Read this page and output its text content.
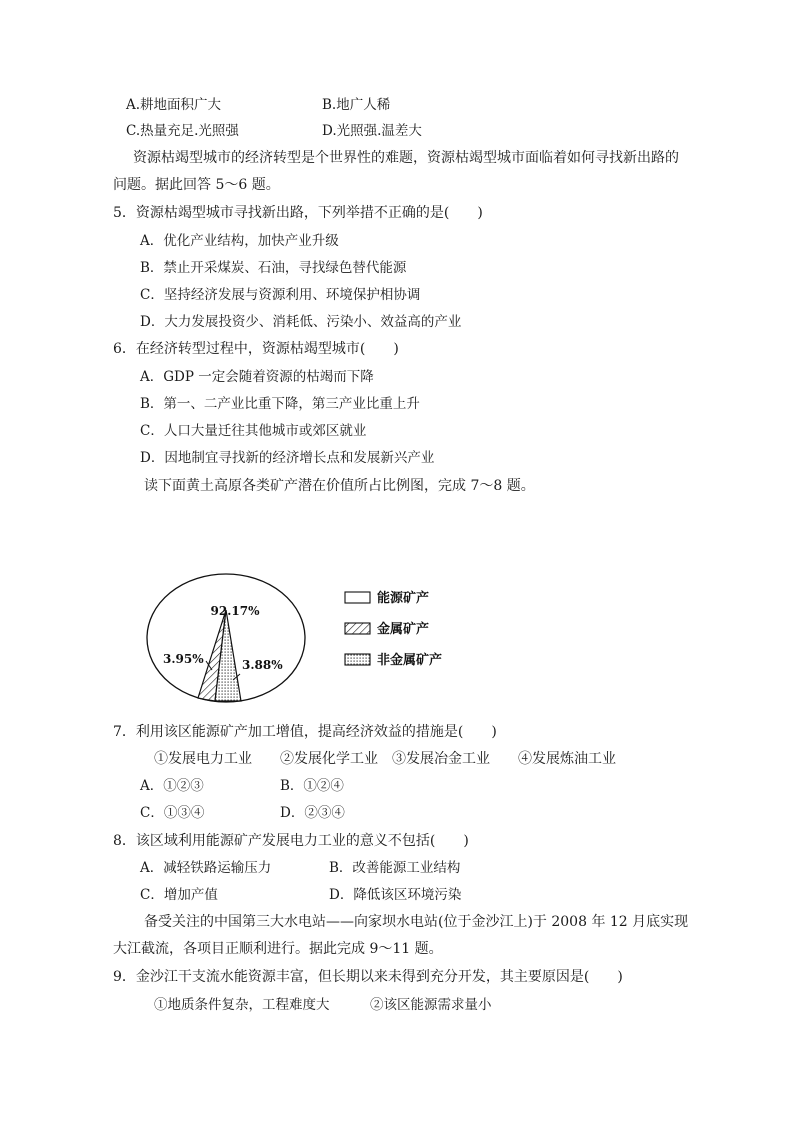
A.耕地面积广大	B.地广人稀
C.热量充足.光照强	D.光照强.温差大
资源枯竭型城市的经济转型是个世界性的难题，资源枯竭型城市面临着如何寻找新出路的
问题。据此回答 5～6 题。
5．资源枯竭型城市寻找新出路，下列举措不正确的是(　　)
A．优化产业结构，加快产业升级
B．禁止开采煤炭、石油，寻找绿色替代能源
C．坚持经济发展与资源利用、环境保护相协调
D．大力发展投资少、消耗低、污染小、效益高的产业
6．在经济转型过程中，资源枯竭型城市(　　)
A．GDP 一定会随着资源的枯竭而下降
B．第一、二产业比重下降，第三产业比重上升
C．人口大量迁往其他城市或郊区就业
D．因地制宜寻找新的经济增长点和发展新兴产业
读下面黄土高原各类矿产潜在价值所占比例图，完成 7～8 题。
92.17%
3.95%	3.88%
能源矿产
金属矿产
非金属矿产
7．利用该区能源矿产加工增值，提高经济效益的措施是(　　)
①发展电力工业　　②发展化学工业　③发展冶金工业　　④发展炼油工业
A．①②③	B．①②④
C．①③④	D．②③④
8．该区域利用能源矿产发展电力工业的意义不包括(　　)
A．减轻铁路运输压力	B．改善能源工业结构
C．增加产值	D．降低该区环境污染
备受关注的中国第三大水电站——向家坝水电站(位于金沙江上)于 2008 年 12 月底实现
大江截流，各项目正顺利进行。据此完成 9～11 题。
9．金沙江干支流水能资源丰富，但长期以来未得到充分开发，其主要原因是(　　)
①地质条件复杂，工程难度大	②该区能源需求量小
